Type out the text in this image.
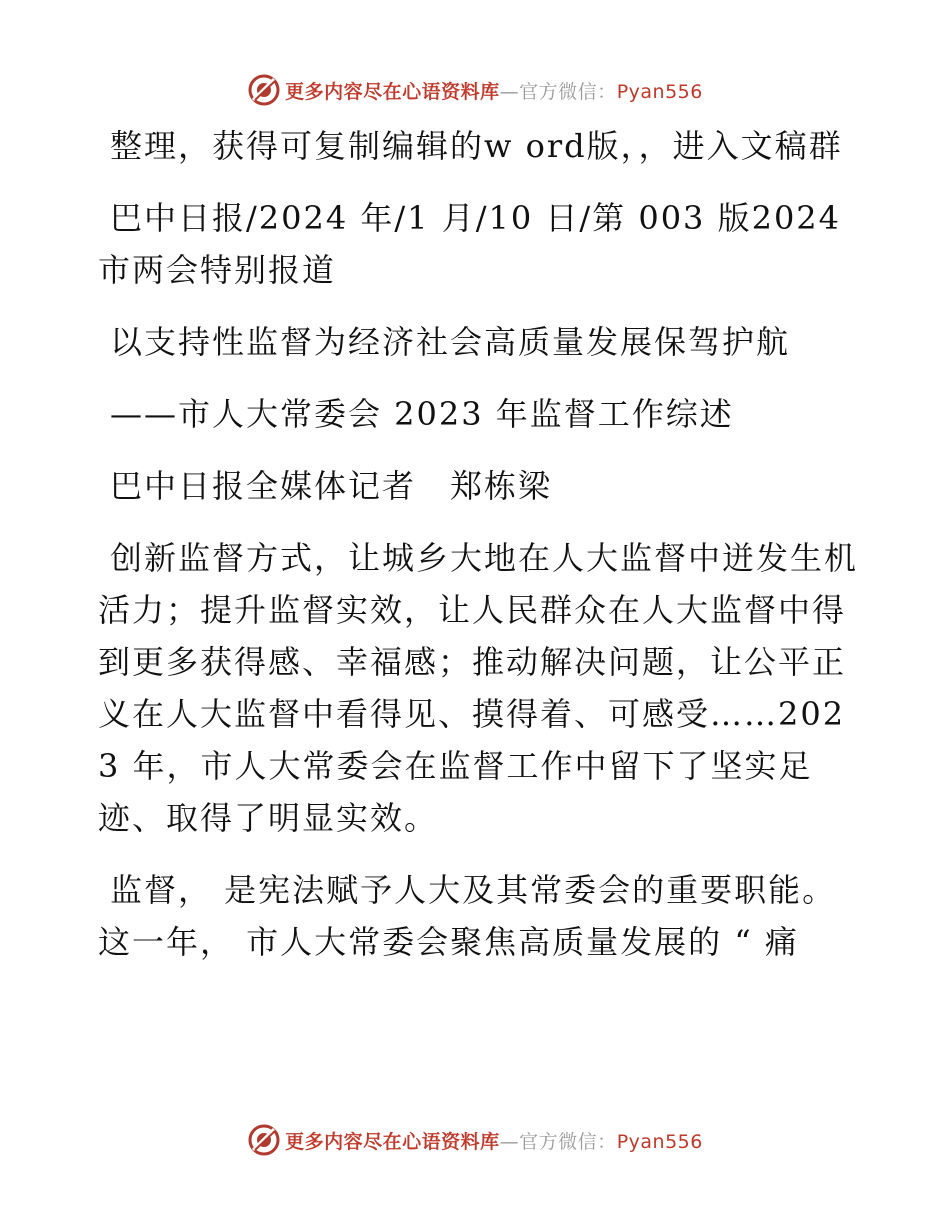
更多内容尽在心语资料库—官方微信：Pyan556

整理，获得可复制编辑的w ord版，，进入文稿群

巴中日报/2024 年/1 月/10 日/第 003 版2024市两会特别报道

以支持性监督为经济社会高质量发展保驾护航

——市人大常委会 2023 年监督工作综述

巴中日报全媒体记者　郑栋梁

创新监督方式，让城乡大地在人大监督中迸发生机活力；提升监督实效，让人民群众在人大监督中得到更多获得感、幸福感；推动解决问题，让公平正义在人大监督中看得见、摸得着、可感受……2023 年，市人大常委会在监督工作中留下了坚实足迹、取得了明显实效。

监督， 是宪法赋予人大及其常委会的重要职能。这一年， 市人大常委会聚焦高质量发展的 “ 痛

更多内容尽在心语资料库—官方微信：Pyan556
